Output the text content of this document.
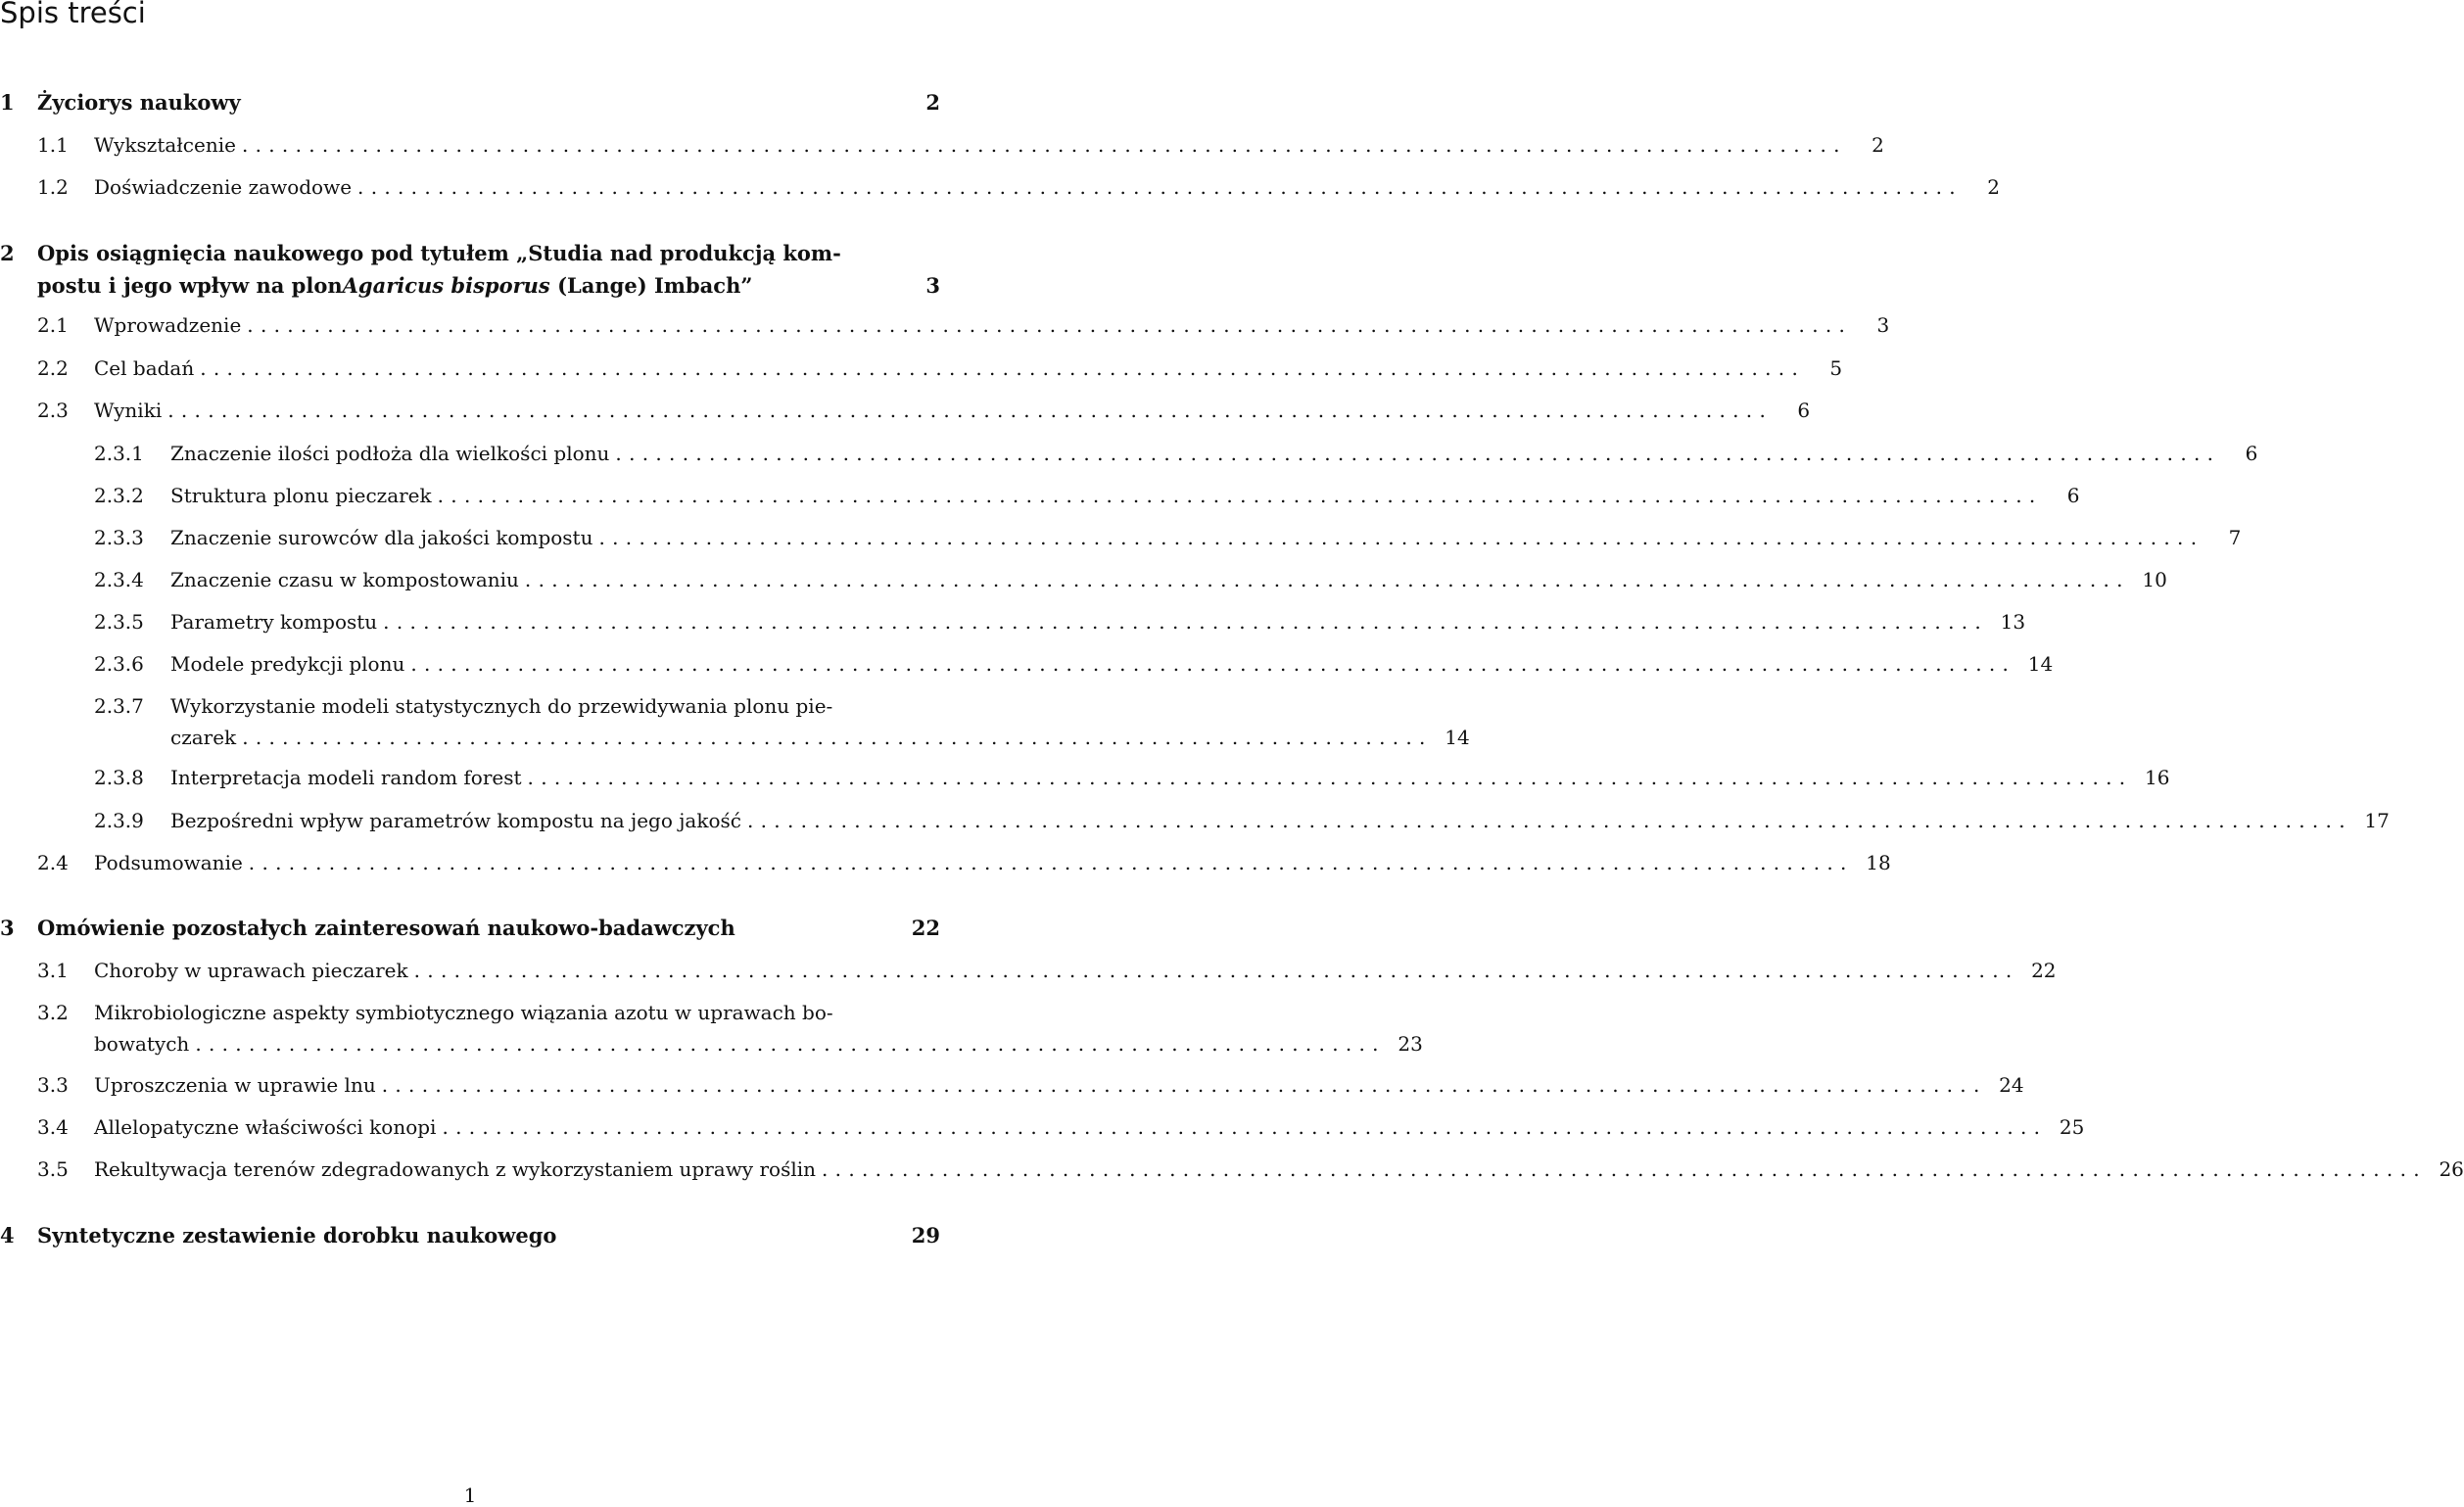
Spis treści
1 Życiorys naukowy	2
1.1 Wykształcenie ........................................................................................................................	2
1.2 Doświadczenie zawodowe ........................................................................................................................	2
2.1 Wprowadzenie ........................................................................................................................	3
2.2 Cel badań ........................................................................................................................	5
2.3 Wyniki ........................................................................................................................	6
2.3.1 Znaczenie ilości podłoża dla wielkości plonu ........................................................................................................................	6
2.3.2 Struktura plonu pieczarek ........................................................................................................................	6
2.3.3 Znaczenie surowców dla jakości kompostu ........................................................................................................................	7
2.3.4 Znaczenie czasu w kompostowaniu ........................................................................................................................ 10
2.3.5 Parametry kompostu ........................................................................................................................ 13
2.3.6 Modele predykcji plonu ........................................................................................................................ 14
2.3.8 Interpretacja modeli random forest ........................................................................................................................ 16
2.3.9 Bezpośredni wpływ parametrów kompostu na jego jakość ........................................................................................................................ 17
2.4 Podsumowanie ........................................................................................................................ 18
3 Omówienie pozostałych zainteresowań naukowo-badawczych	22
3.1 Choroby w uprawach pieczarek ........................................................................................................................ 22
3.3 Uproszczenia w uprawie lnu ........................................................................................................................ 24
3.4 Allelopatyczne właściwości konopi ........................................................................................................................ 25
3.5 Rekultywacja terenów zdegradowanych z wykorzystaniem uprawy roślin ........................................................................................................................ 26
4 Syntetyczne zestawienie dorobku naukowego	29
2 Opis osiągnięcia naukowego pod tytułem „Studia nad produkcją kom-
postu i jego wpływ na plon Agaricus bisporus (Lange) Imbach”	3
2.3.7 Wykorzystanie modeli statystycznych do przewidywania plonu pie-
czarek ......................................................................................... 14
3.2 Mikrobiologiczne aspekty symbiotycznego wiązania azotu w uprawach bo-
bowatych ......................................................................................... 23
1
